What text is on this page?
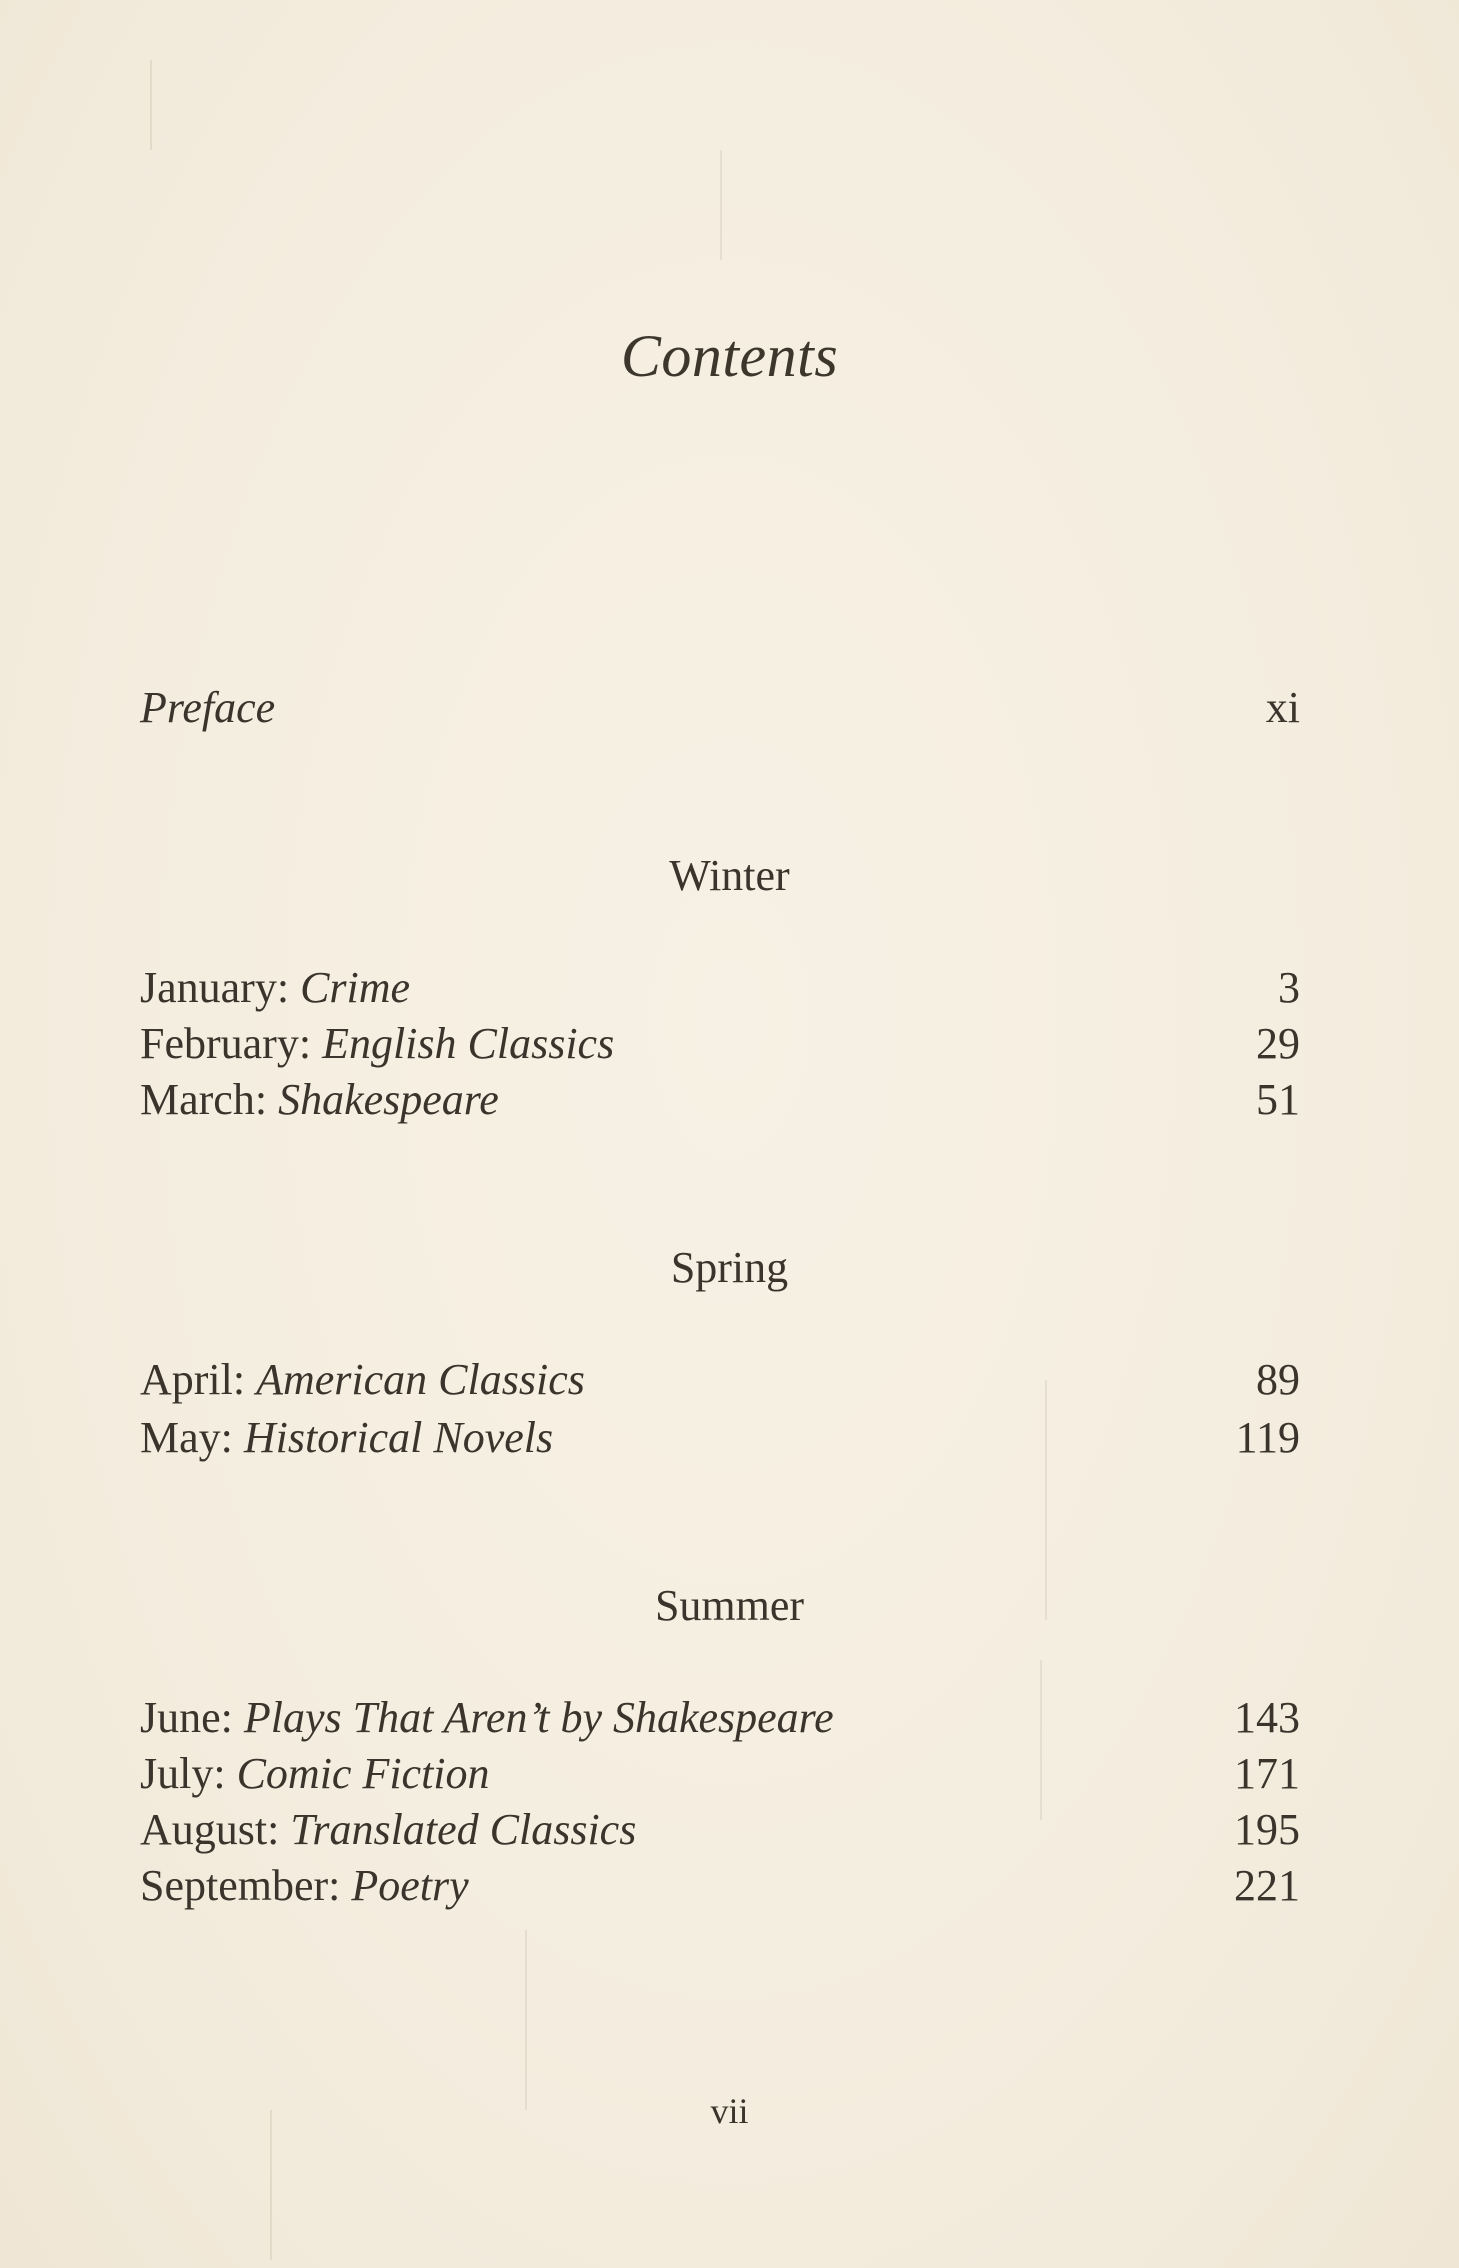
Contents
Preface	xi
Winter
January: Crime	3
February: English Classics	29
March: Shakespeare	51
Spring
April: American Classics	89
May: Historical Novels	119
Summer
June: Plays That Aren’t by Shakespeare	143
July: Comic Fiction	171
August: Translated Classics	195
September: Poetry	221
vii
